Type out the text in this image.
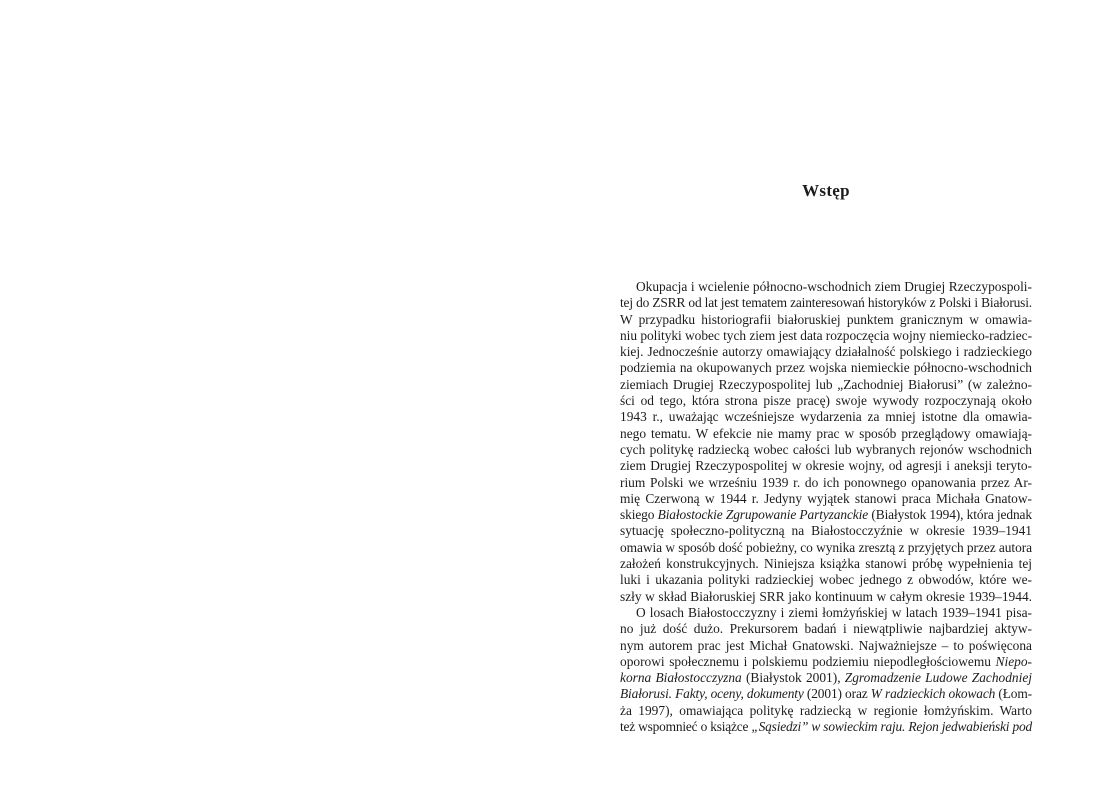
Wstęp
Okupacja i wcielenie północno-wschodnich ziem Drugiej Rzeczypospoli-
tej do ZSRR od lat jest tematem zainteresowań historyków z Polski i Białorusi.
W przypadku historiografii białoruskiej punktem granicznym w omawia-
niu polityki wobec tych ziem jest data rozpoczęcia wojny niemiecko-radziec-
kiej. Jednocześnie autorzy omawiający działalność polskiego i radzieckiego
podziemia na okupowanych przez wojska niemieckie północno-wschodnich
ziemiach Drugiej Rzeczypospolitej lub „Zachodniej Białorusi” (w zależno-
ści od tego, która strona pisze pracę) swoje wywody rozpoczynają około
1943 r., uważając wcześniejsze wydarzenia za mniej istotne dla omawia-
nego tematu. W efekcie nie mamy prac w sposób przeglądowy omawiają-
cych politykę radziecką wobec całości lub wybranych rejonów wschodnich
ziem Drugiej Rzeczypospolitej w okresie wojny, od agresji i aneksji teryto-
rium Polski we wrześniu 1939 r. do ich ponownego opanowania przez Ar-
mię Czerwoną w 1944 r. Jedyny wyjątek stanowi praca Michała Gnatow-
skiego Białostockie Zgrupowanie Partyzanckie (Białystok 1994), która jednak
sytuację społeczno-polityczną na Białostocczyźnie w okresie 1939–1941
omawia w sposób dość pobieżny, co wynika zresztą z przyjętych przez autora
założeń konstrukcyjnych. Niniejsza książka stanowi próbę wypełnienia tej
luki i ukazania polityki radzieckiej wobec jednego z obwodów, które we-
szły w skład Białoruskiej SRR jako kontinuum w całym okresie 1939–1944.
O losach Białostocczyzny i ziemi łomżyńskiej w latach 1939–1941 pisa-
no już dość dużo. Prekursorem badań i niewątpliwie najbardziej aktyw-
nym autorem prac jest Michał Gnatowski. Najważniejsze – to poświęcona
oporowi społecznemu i polskiemu podziemiu niepodległościowemu Niepo-
korna Białostocczyzna (Białystok 2001), Zgromadzenie Ludowe Zachodniej
Białorusi. Fakty, oceny, dokumenty (2001) oraz W radzieckich okowach (Łom-
ża 1997), omawiająca politykę radziecką w regionie łomżyńskim. Warto
też wspomnieć o książce „Sąsiedzi” w sowieckim raju. Rejon jedwabieński pod
